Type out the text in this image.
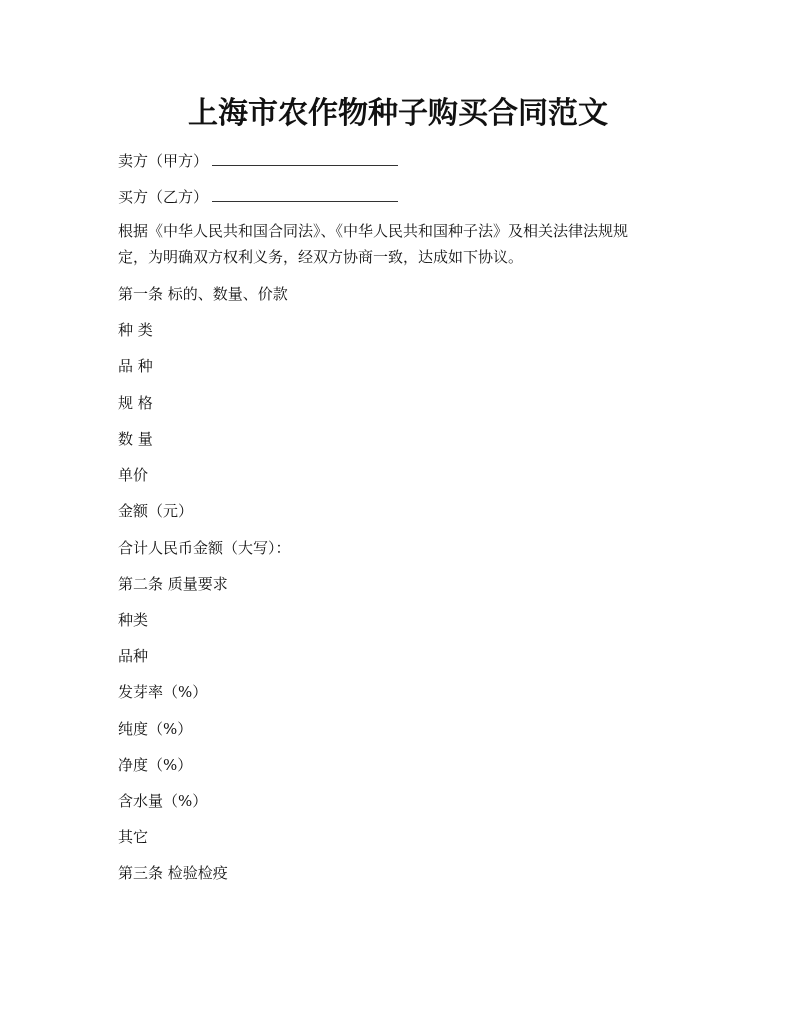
上海市农作物种子购买合同范文
卖方（甲方）
买方（乙方）
根据《中华人民共和国合同法》、《中华人民共和国种子法》及相关法律法规规
定，为明确双方权利义务，经双方协商一致，达成如下协议。
第一条 标的、数量、价款
种 类
品 种
规 格
数 量
单价
金额（元）
合计人民币金额（大写）：
第二条 质量要求
种类
品种
发芽率（%）
纯度（%）
净度（%）
含水量（%）
其它
第三条 检验检疫
